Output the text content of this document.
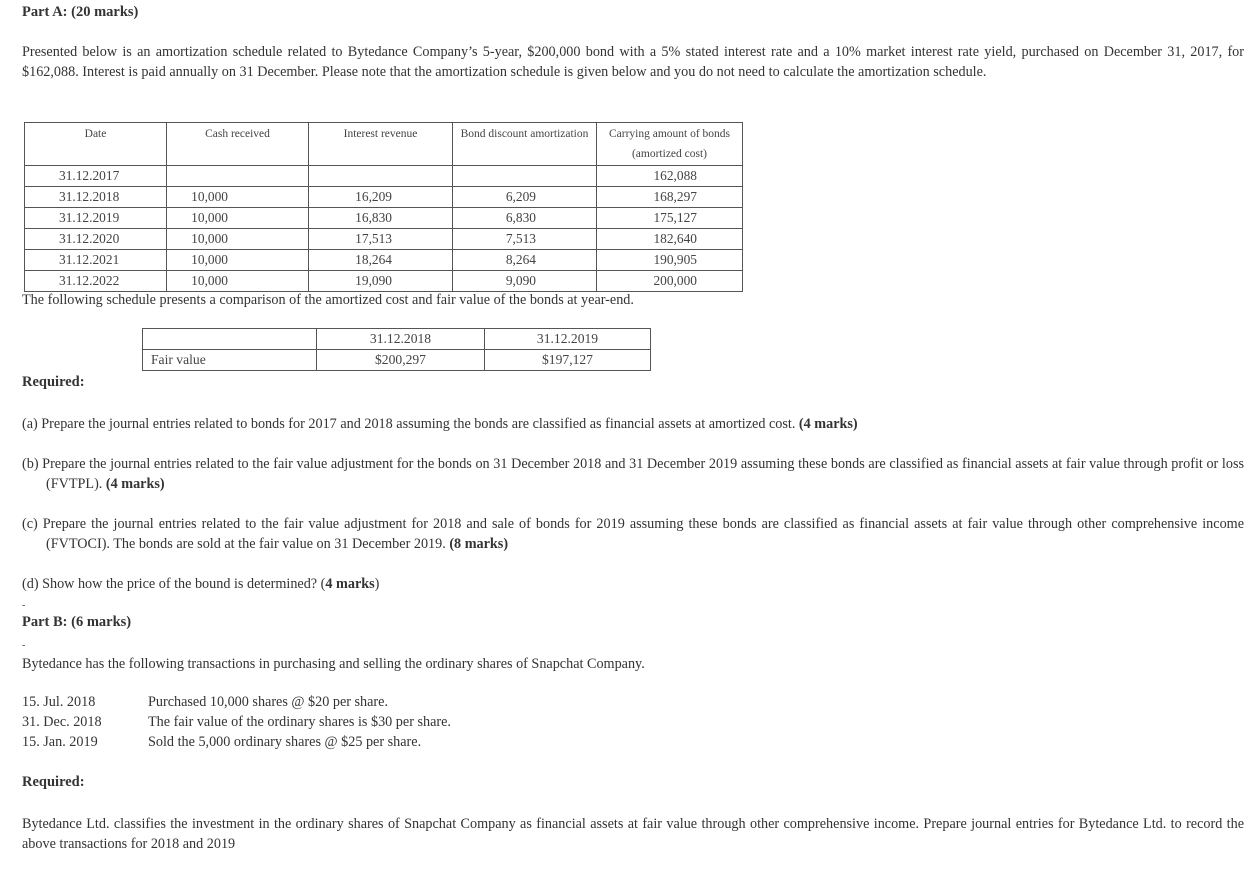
Part A: (20 marks)
Presented below is an amortization schedule related to Bytedance Company’s 5-year, $200,000 bond with a 5% stated interest rate and a 10% market interest rate yield, purchased on December 31, 2017, for $162,088. Interest is paid annually on 31 December. Please note that the amortization schedule is given below and you do not need to calculate the amortization schedule.
Date	Cash received	Interest revenue	Bond discount amortization	Carrying amount of bonds (amortized cost)
31.12.2017				162,088
31.12.2018	10,000	16,209	6,209	168,297
31.12.2019	10,000	16,830	6,830	175,127
31.12.2020	10,000	17,513	7,513	182,640
31.12.2021	10,000	18,264	8,264	190,905
31.12.2022	10,000	19,090	9,090	200,000
The following schedule presents a comparison of the amortized cost and fair value of the bonds at year-end.
	31.12.2018	31.12.2019
Fair value	$200,297	$197,127
Required:
(a) Prepare the journal entries related to bonds for 2017 and 2018 assuming the bonds are classified as financial assets at amortized cost. (4 marks)
(b) Prepare the journal entries related to the fair value adjustment for the bonds on 31 December 2018 and 31 December 2019 assuming these bonds are classified as financial assets at fair value through profit or loss (FVTPL). (4 marks)
(c) Prepare the journal entries related to the fair value adjustment for 2018 and sale of bonds for 2019 assuming these bonds are classified as financial assets at fair value through other comprehensive income (FVTOCI). The bonds are sold at the fair value on 31 December 2019. (8 marks)
(d) Show how the price of the bound is determined? (4 marks)
-
Part B: (6 marks)
-
Bytedance has the following transactions in purchasing and selling the ordinary shares of Snapchat Company.
15. Jul. 2018	Purchased 10,000 shares @ $20 per share.
31. Dec. 2018	The fair value of the ordinary shares is $30 per share.
15. Jan. 2019	Sold the 5,000 ordinary shares @ $25 per share.
Required:
Bytedance Ltd. classifies the investment in the ordinary shares of Snapchat Company as financial assets at fair value through other comprehensive income. Prepare journal entries for Bytedance Ltd. to record the above transactions for 2018 and 2019
